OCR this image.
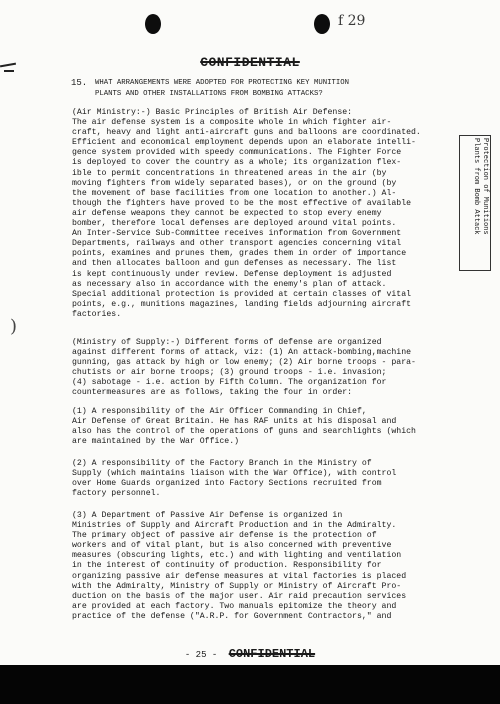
f 29
)
CONFIDENTIAL
15. WHAT ARRANGEMENTS WERE ADOPTED FOR PROTECTING KEY MUNITION
PLANTS AND OTHER INSTALLATIONS FROM BOMBING ATTACKS?
Protection of Munitions
Plants from Bomb Attack
(Air Ministry:-) Basic Principles of British Air Defense:
The air defense system is a composite whole in which fighter air-
craft, heavy and light anti-aircraft guns and balloons are coordinated.
Efficient and economical employment depends upon an elaborate intelli-
gence system provided with speedy communications. The Fighter Force
is deployed to cover the country as a whole; its organization flex-
ible to permit concentrations in threatened areas in the air (by
moving fighters from widely separated bases), or on the ground (by
the movement of base facilities from one location to another.) Al-
though the fighters have proved to be the most effective of available
air defense weapons they cannot be expected to stop every enemy
bomber, therefore local defenses are deployed around vital points.
An Inter-Service Sub-Committee receives information from Government
Departments, railways and other transport agencies concerning vital
points, examines and prunes them, grades them in order of importance
and then allocates balloon and gun defenses as necessary. The list
is kept continuously under review. Defense deployment is adjusted
as necessary also in accordance with the enemy's plan of attack.
Special additional protection is provided at certain classes of vital
points, e.g., munitions magazines, landing fields adjourning aircraft
factories.
(Ministry of Supply:-) Different forms of defense are organized
against different forms of attack, viz: (1) An attack-bombing,machine
gunning, gas attack by high or low enemy; (2) Air borne troops - para-
chutists or air borne troops; (3) ground troops - i.e. invasion;
(4) sabotage - i.e. action by Fifth Column. The organization for
countermeasures are as follows, taking the four in order:
(1) A responsibility of the Air Officer Commanding in Chief,
Air Defense of Great Britain. He has RAF units at his disposal and
also has the control of the operations of guns and searchlights (which
are maintained by the War Office.)
(2) A responsibility of the Factory Branch in the Ministry of
Supply (which maintains liaison with the War Office), with control
over Home Guards organized into Factory Sections recruited from
factory personnel.
(3) A Department of Passive Air Defense is organized in
Ministries of Supply and Aircraft Production and in the Admiralty.
The primary object of passive air defense is the protection of
workers and of vital plant, but is also concerned with preventive
measures (obscuring lights, etc.) and with lighting and ventilation
in the interest of continuity of production. Responsibility for
organizing passive air defense measures at vital factories is placed
with the Admiralty, Ministry of Supply or Ministry of Aircraft Pro-
duction on the basis of the major user. Air raid precaution services
are provided at each factory. Two manuals epitomize the theory and
practice of the defense ("A.R.P. for Government Contractors," and
- 25 - CONFIDENTIAL
